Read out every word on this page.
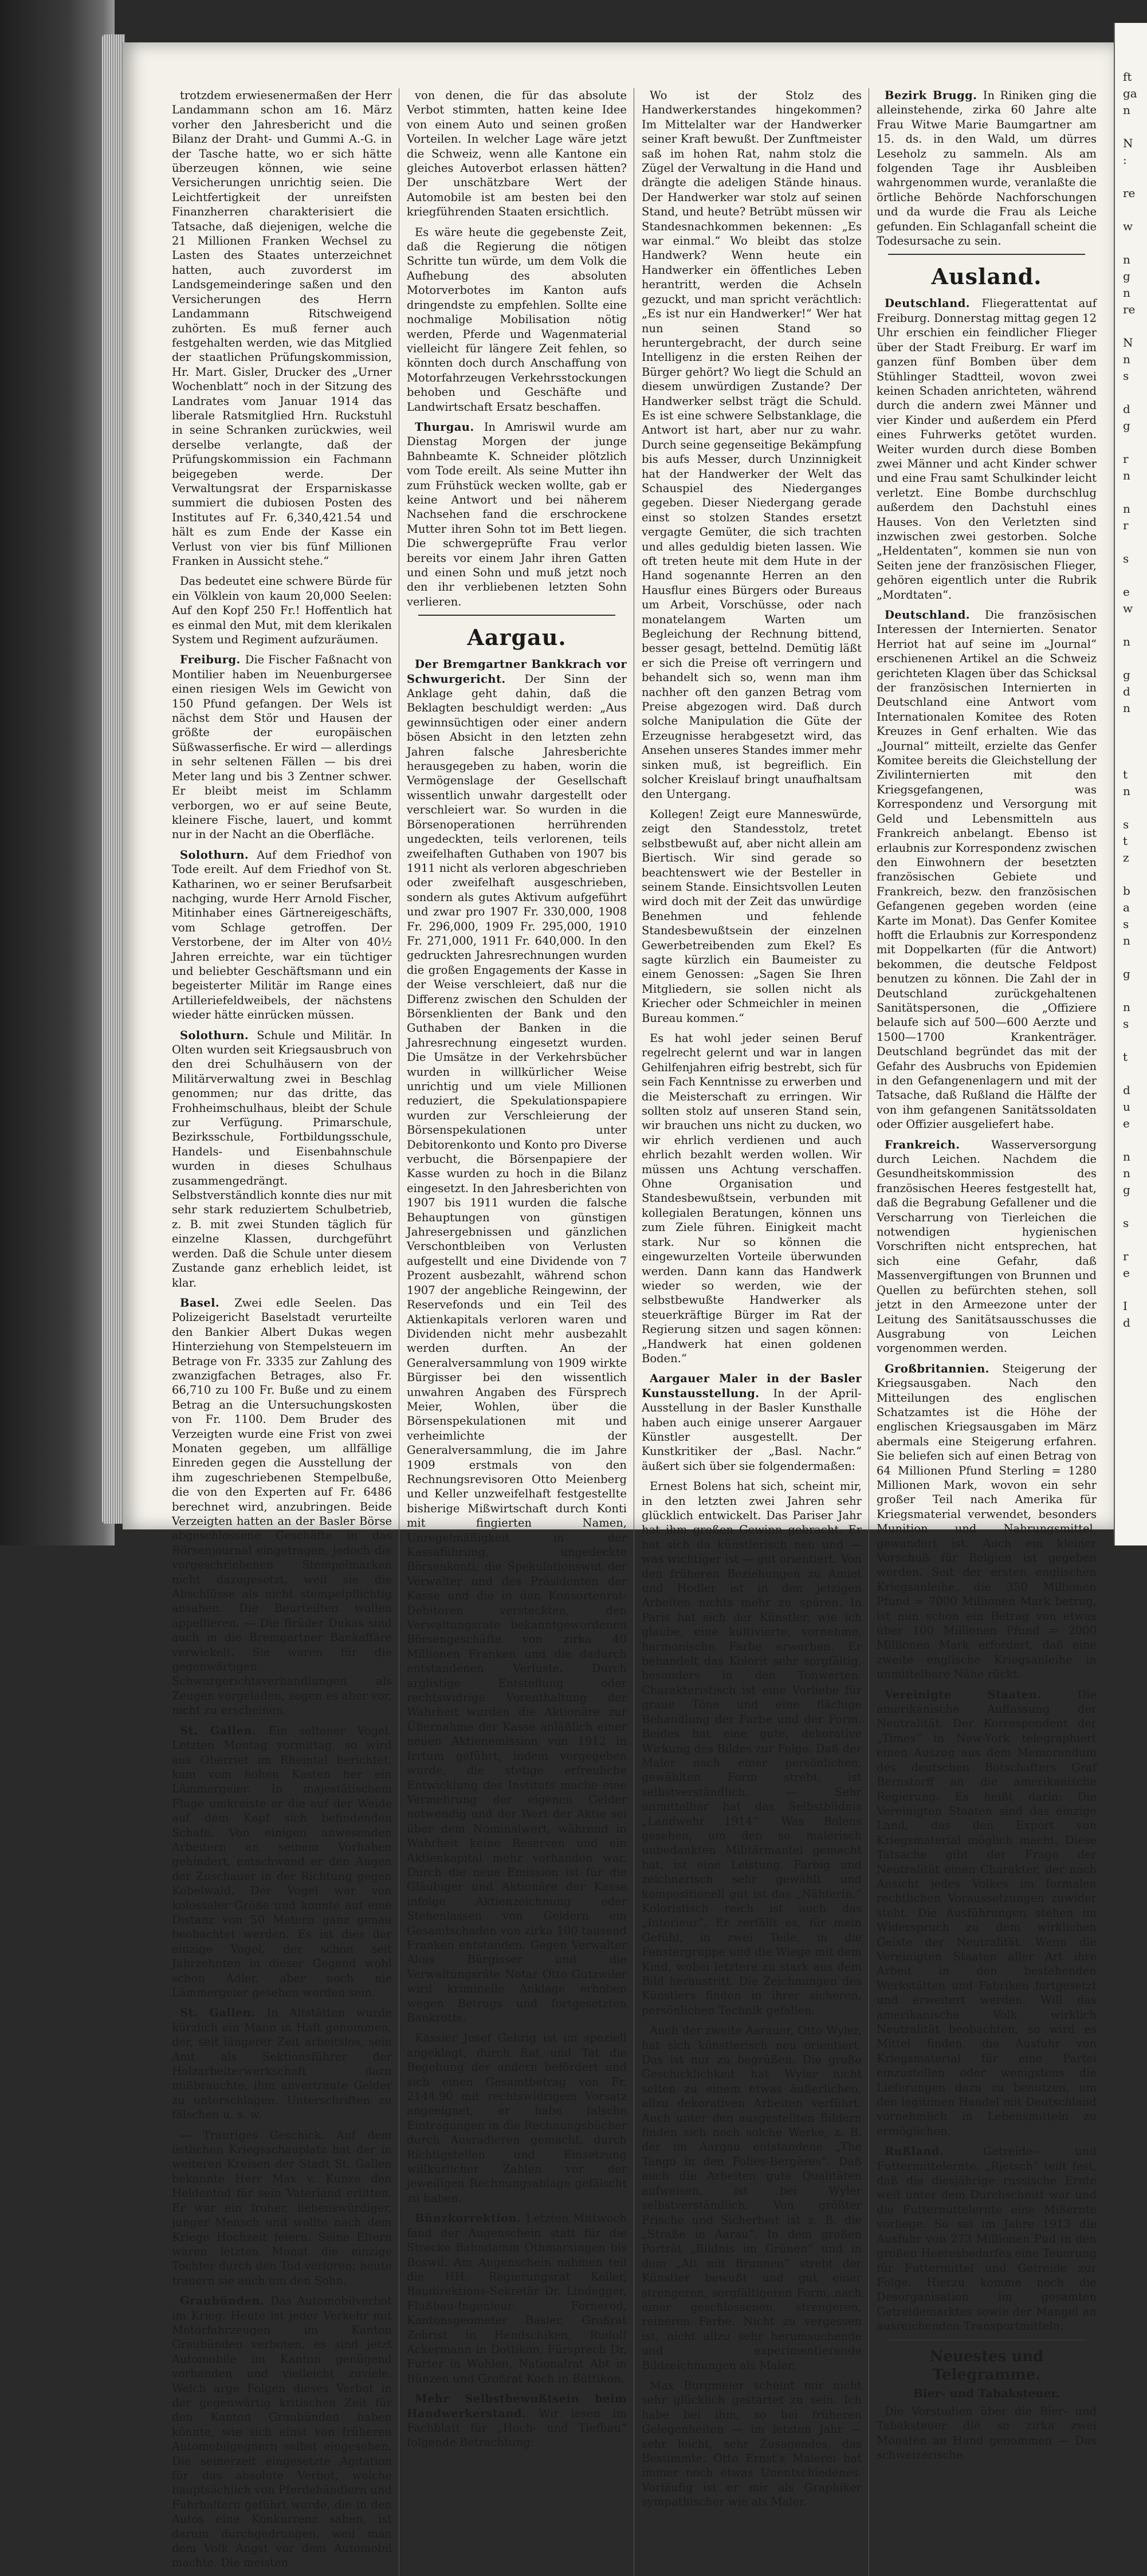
trotzdem erwiesenermaßen der Herr Landammann schon am 16. März vorher den Jahresbericht und die Bilanz der Draht- und Gummi A.-G. in der Tasche hatte, wo er sich hätte überzeugen können, wie seine Versicherungen unrichtig seien. Die Leichtfertigkeit der unreifsten Finanzherren charakterisiert die Tatsache, daß diejenigen, welche die 21 Millionen Franken Wechsel zu Lasten des Staates unterzeichnet hatten, auch zuvorderst im Landsgemeinderinge saßen und den Versicherungen des Herrn Landammann Ritschweigend zuhörten. Es muß ferner auch festgehalten werden, wie das Mitglied der staatlichen Prüfungskommission, Hr. Mart. Gisler, Drucker des „Urner Wochenblatt“ noch in der Sitzung des Landrates vom Januar 1914 das liberale Ratsmitglied Hrn. Ruckstuhl in seine Schranken zurückwies, weil derselbe verlangte, daß der Prüfungskommission ein Fachmann beigegeben werde. Der Verwaltungsrat der Ersparniskasse summiert die dubiosen Posten des Institutes auf Fr. 6,340,421.54 und hält es zum Ende der Kasse ein Verlust von vier bis fünf Millionen Franken in Aussicht stehe.“

Das bedeutet eine schwere Bürde für ein Völklein von kaum 20,000 Seelen: Auf den Kopf 250 Fr.! Hoffentlich hat es einmal den Mut, mit dem klerikalen System und Regiment aufzuräumen.

Freiburg. Die Fischer Faßnacht von Montilier haben im Neuenburgersee einen riesigen Wels im Gewicht von 150 Pfund gefangen. Der Wels ist nächst dem Stör und Hausen der größte der europäischen Süßwasserfische. Er wird — allerdings in sehr seltenen Fällen — bis drei Meter lang und bis 3 Zentner schwer. Er bleibt meist im Schlamm verborgen, wo er auf seine Beute, kleinere Fische, lauert, und kommt nur in der Nacht an die Oberfläche.

Solothurn. Auf dem Friedhof von Tode ereilt. Auf dem Friedhof von St. Katharinen, wo er seiner Berufsarbeit nachging, wurde Herr Arnold Fischer, Mitinhaber eines Gärtnereigeschäfts, vom Schlage getroffen. Der Verstorbene, der im Alter von 40½ Jahren erreichte, war ein tüchtiger und beliebter Geschäftsmann und ein begeisterter Militär im Range eines Artilleriefeldweibels, der nächstens wieder hätte einrücken müssen.

Solothurn. Schule und Militär. In Olten wurden seit Kriegsausbruch von den drei Schulhäusern von der Militärverwaltung zwei in Beschlag genommen; nur das dritte, das Frohheimschulhaus, bleibt der Schule zur Verfügung. Primarschule, Bezirksschule, Fortbildungsschule, Handels- und Eisenbahnschule wurden in dieses Schulhaus zusammengedrängt. Selbstverständlich konnte dies nur mit sehr stark reduziertem Schulbetrieb, z. B. mit zwei Stunden täglich für einzelne Klassen, durchgeführt werden. Daß die Schule unter diesem Zustande ganz erheblich leidet, ist klar.

Basel. Zwei edle Seelen. Das Polizeigericht Baselstadt verurteilte den Bankier Albert Dukas wegen Hinterziehung von Stempelsteuern im Betrage von Fr. 3335 zur Zahlung des zwanzigfachen Betrages, also Fr. 66,710 zu 100 Fr. Buße und zu einem Betrag an die Untersuchungskosten von Fr. 1100. Dem Bruder des Verzeigten wurde eine Frist von zwei Monaten gegeben, um allfällige Einreden gegen die Ausstellung der ihm zugeschriebenen Stempelbuße, die von den Experten auf Fr. 6486 berechnet wird, anzubringen. Beide Verzeigten hatten an der Basler Börse abgeschlossene Geschäfte in das Börsenjournal eingetragen, jedoch die vorgeschriebenen Stempelmarken nicht dazugesetzt, weil sie die Abschlüsse als nicht stempelpflichtig ansahen. Die Beurteilten wollen appellieren. — Die Brüder Dukas sind auch in die Bremgartner Bankaffäre verwickelt. Sie waren für die gegenwärtigen Schwurgerichtsverhandlungen als Zeugen vorgeladen, zogen es aber vor, nicht zu erscheinen.

St. Gallen. Ein seltener Vogel. Letzten Montag vormittag, so wird aus Oberriet im Rheintal berichtet, kam vom hohen Kasten her ein Lämmergeier. In majestätischem Fluge umkreiste er die auf der Weide auf dem Kapf sich befindenden Schafe. Von einigen anwesenden Arbeitern an seinem Vorhaben gehindert, entschwand er den Augen der Zuschauer in der Richtung gegen Kobelwald. Der Vogel war von kolossaler Größe und konnte auf eine Distanz von 50 Metern ganz genau beobachtet werden. Es ist dies der einzige Vogel, der schon seit Jahrzehnten in dieser Gegend wohl schon Adler, aber noch nie Lämmergeier gesehen worden sein.

St. Gallen. In Altstätten wurde kürzlich ein Mann in Haft genommen, der, seit längerer Zeit arbeitslos, sein Amt als Sektionsführer der Holzarbeiterwerkschaft dazu mißbrauchte, ihm anvertraute Gelder zu unterschlagen. Unterschriften zu fälschen u. s. w.

— Trauriges Geschick. Auf dem östlichen Kriegsschauplatz hat der in weiteren Kreisen der Stadt St. Gallen bekannte Herr Max v. Kunze den Heldentod für sein Vaterland erlitten. Er war ein froher, liebenswürdiger, junger Mensch und wollte nach dem Kriege Hochzeit feiern. Seine Eltern waren letzten Monat die einzige Tochter durch den Tod verloren; heute trauern sie auch um den Sohn.

Graubünden. Das Automobilverbot im Krieg. Heute ist jeder Verkehr mit Motorfahrzeugen im Kanton Graubünden verboten, es sind jetzt Automobile im Kanton genügend vorhanden und vielleicht zuviele. Welch arge Folgen dieses Verbot in der gegenwärtig kritischen Zeit für den Kanton Graubünden haben könnte, wie sich einst von früheren Automobilgegnern selbst eingesehen. Die seinerzeit eingesetzte Agitation für das absolute Verbot, welche hauptsächlich von Pferdehändlern und Fuhrhaltern geführt wurde, die in den Autos eine Konkurrenz sahen, ist darum durchgedrungen, weil man dem Volk Angst vor dem Automobil machte. Die meisten

von denen, die für das absolute Verbot stimmten, hatten keine Idee von einem Auto und seinen großen Vorteilen. In welcher Lage wäre jetzt die Schweiz, wenn alle Kantone ein gleiches Autoverbot erlassen hätten? Der unschätzbare Wert der Automobile ist am besten bei den kriegführenden Staaten ersichtlich.

Es wäre heute die gegebenste Zeit, daß die Regierung die nötigen Schritte tun würde, um dem Volk die Aufhebung des absoluten Motorverbotes im Kanton aufs dringendste zu empfehlen. Sollte eine nochmalige Mobilisation nötig werden, Pferde und Wagenmaterial vielleicht für längere Zeit fehlen, so könnten doch durch Anschaffung von Motorfahrzeugen Verkehrsstockungen behoben und Geschäfte und Landwirtschaft Ersatz beschaffen.

Thurgau. In Amriswil wurde am Dienstag Morgen der junge Bahnbeamte K. Schneider plötzlich vom Tode ereilt. Als seine Mutter ihn zum Frühstück wecken wollte, gab er keine Antwort und bei näherem Nachsehen fand die erschrockene Mutter ihren Sohn tot im Bett liegen. Die schwergeprüfte Frau verlor bereits vor einem Jahr ihren Gatten und einen Sohn und muß jetzt noch den ihr verbliebenen letzten Sohn verlieren.

Aargau.

Der Bremgartner Bankkrach vor Schwurgericht. Der Sinn der Anklage geht dahin, daß die Beklagten beschuldigt werden: „Aus gewinnsüchtigen oder einer andern bösen Absicht in den letzten zehn Jahren falsche Jahresberichte herausgegeben zu haben, worin die Vermögenslage der Gesellschaft wissentlich unwahr dargestellt oder verschleiert war. So wurden in die Börsenoperationen herrührenden ungedeckten, teils verlorenen, teils zweifelhaften Guthaben von 1907 bis 1911 nicht als verloren abgeschrieben oder zweifelhaft ausgeschrieben, sondern als gutes Aktivum aufgeführt und zwar pro 1907 Fr. 330,000, 1908 Fr. 296,000, 1909 Fr. 295,000, 1910 Fr. 271,000, 1911 Fr. 640,000. In den gedruckten Jahresrechnungen wurden die großen Engagements der Kasse in der Weise verschleiert, daß nur die Differenz zwischen den Schulden der Börsenklienten der Bank und den Guthaben der Banken in die Jahresrechnung eingesetzt wurden. Die Umsätze in der Verkehrsbücher wurden in willkürlicher Weise unrichtig und um viele Millionen reduziert, die Spekulationspapiere wurden zur Verschleierung der Börsenspekulationen unter Debitorenkonto und Konto pro Diverse verbucht, die Börsenpapiere der Kasse wurden zu hoch in die Bilanz eingesetzt. In den Jahresberichten von 1907 bis 1911 wurden die falsche Behauptungen von günstigen Jahresergebnissen und gänzlichen Verschontbleiben von Verlusten aufgestellt und eine Dividende von 7 Prozent ausbezahlt, während schon 1907 der angebliche Reingewinn, der Reservefonds und ein Teil des Aktienkapitals verloren waren und Dividenden nicht mehr ausbezahlt werden durften. An der Generalversammlung von 1909 wirkte Bürgisser bei den wissentlich unwahren Angaben des Fürsprech Meier, Wohlen, über die Börsenspekulationen mit und verheimlichte der Generalversammlung, die im Jahre 1909 erstmals von den Rechnungsrevisoren Otto Meienberg und Keller unzweifelhaft festgestellte bisherige Mißwirtschaft durch Konti mit fingierten Namen, Unregelmäßigkeit in der Kassaführung, ungedeckte Börsenkonti, die Spekulationswut der Verwalter und des Präsidenten der Kasse und die in den Konsortenrat-Debitoren versteckten, den Verwaltungsrate bekanntgewordenen Börsengeschäfte von zirka 40 Millionen Franken und die dadurch entstandenen Verluste. Durch arglistige Entstellung oder rechtswidrige Vorenthaltung der Wahrheit wurden die Aktionäre zur Übernahme der Kasse anläßlich einer neuen Aktienemission von 1912 in Irrtum geführt, indem vorgegeben wurde, die stetige erfreuliche Entwicklung des Instituts mache eine Vermehrung der eigenen Gelder notwendig und der Wert der Aktie sei über dem Nominalwert, während in Wahrheit keine Reserven und ein Aktienkapital mehr vorhanden war. Durch die neue Emission ist für die Gläubiger und Aktionäre der Kasse infolge Aktienzeichnung oder Stehenlassen von Geldern ein Gesamtschaden von zirka 100 tausend Franken entstanden. Gegen Verwalter Alois Bürgisser und die Verwaltungsräte Notar Otto Gutzwiler wird kriminelle Anklage erhoben wegen Betrugs und fortgesetzten Bankrotts.

Kassier Josef Gehrig ist im speziell angeklagt, durch Rat und Tat die Begehung der andern befördert und sich einen Gesamtbetrag von Fr. 2144.90 mit rechtswidrigem Vorsatz angeeignet, er habe falsche Eintragungen in die Rechnungsbücher durch Ausradieren gemacht, durch Richtigstellen und Einsetzung willkürlicher Zahlen vor der jeweiligen Rechnungsablage gefälscht zu haben.

Bünzkorrektion. Letzten Mittwoch fand der Augenschein statt für die Strecke Bahndamm Othmarsingen bis Boswil. Am Augenschein nahmen teil die HH. Regierungsrat Keller, Baudirektions-Sekretär Dr. Lindegger, Flußbau-Ingenieur Fornerod, Kantonsgeometer Basler, Großrat Zobrist in Hendschiken, Rudolf Ackermann in Dottikon, Fürsprech Dr. Furter in Wohlen, Nationalrat Abt in Bünzen und Großrat Koch in Büttikon.

Mehr Selbstbewußtsein beim Handwerkerstand. Wir lesen im Fachblatt für „Hoch- und Tiefbau“ folgende Betrachtung:

Wo ist der Stolz des Handwerkerstandes hingekommen? Im Mittelalter war der Handwerker seiner Kraft bewußt. Der Zunftmeister saß im hohen Rat, nahm stolz die Zügel der Verwaltung in die Hand und drängte die adeligen Stände hinaus. Der Handwerker war stolz auf seinen Stand, und heute? Betrübt müssen wir Standesnachkommen bekennen: „Es war einmal.“ Wo bleibt das stolze Handwerk? Wenn heute ein Handwerker ein öffentliches Leben herantritt, werden die Achseln gezuckt, und man spricht verächtlich: „Es ist nur ein Handwerker!“ Wer hat nun seinen Stand so heruntergebracht, der durch seine Intelligenz in die ersten Reihen der Bürger gehört? Wo liegt die Schuld an diesem unwürdigen Zustande? Der Handwerker selbst trägt die Schuld. Es ist eine schwere Selbstanklage, die Antwort ist hart, aber nur zu wahr. Durch seine gegenseitige Bekämpfung bis aufs Messer, durch Unzinnigkeit hat der Handwerker der Welt das Schauspiel des Niederganges gegeben. Dieser Niedergang gerade einst so stolzen Standes ersetzt vergagte Gemüter, die sich trachten und alles geduldig bieten lassen. Wie oft treten heute mit dem Hute in der Hand sogenannte Herren an den Hausflur eines Bürgers oder Bureaus um Arbeit, Vorschüsse, oder nach monatelangem Warten um Begleichung der Rechnung bittend, besser gesagt, bettelnd. Demütig läßt er sich die Preise oft verringern und behandelt sich so, wenn man ihm nachher oft den ganzen Betrag vom Preise abgezogen wird. Daß durch solche Manipulation die Güte der Erzeugnisse herabgesetzt wird, das Ansehen unseres Standes immer mehr sinken muß, ist begreiflich. Ein solcher Kreislauf bringt unaufhaltsam den Untergang.

Kollegen! Zeigt eure Manneswürde, zeigt den Standesstolz, tretet selbstbewußt auf, aber nicht allein am Biertisch. Wir sind gerade so beachtenswert wie der Besteller in seinem Stande. Einsichtsvollen Leuten wird doch mit der Zeit das unwürdige Benehmen und fehlende Standesbewußtsein der einzelnen Gewerbetreibenden zum Ekel? Es sagte kürzlich ein Baumeister zu einem Genossen: „Sagen Sie Ihren Mitgliedern, sie sollen nicht als Kriecher oder Schmeichler in meinen Bureau kommen.“

Es hat wohl jeder seinen Beruf regelrecht gelernt und war in langen Gehilfenjahren eifrig bestrebt, sich für sein Fach Kenntnisse zu erwerben und die Meisterschaft zu erringen. Wir sollten stolz auf unseren Stand sein, wir brauchen uns nicht zu ducken, wo wir ehrlich verdienen und auch ehrlich bezahlt werden wollen. Wir müssen uns Achtung verschaffen. Ohne Organisation und Standesbewußtsein, verbunden mit kollegialen Beratungen, können uns zum Ziele führen. Einigkeit macht stark. Nur so können die eingewurzelten Vorteile überwunden werden. Dann kann das Handwerk wieder so werden, wie der selbstbewußte Handwerker als steuerkräftige Bürger im Rat der Regierung sitzen und sagen können: „Handwerk hat einen goldenen Boden.“

Aargauer Maler in der Basler Kunstausstellung. In der April-Ausstellung in der Basler Kunsthalle haben auch einige unserer Aargauer Künstler ausgestellt. Der Kunstkritiker der „Basl. Nachr.“ äußert sich über sie folgendermaßen:

Ernest Bolens hat sich, scheint mir, in den letzten zwei Jahren sehr glücklich entwickelt. Das Pariser Jahr hat ihm großen Gewinn gebracht. Er hat sich da künstlerisch neu und — was wichtiger ist — gut orientiert. Von den früheren Beziehungen zu Amiet und Hodler ist in den jetzigen Arbeiten nichts mehr zu spüren. In Paris hat sich der Künstler, wie ich glaube, eine kultivierte, vornehme, harmonische Farbe erworben. Er behandelt das Kolorit sehr sorgfältig, besonders in den Tonwerten. Charakteristisch ist eine Vorliebe für graue Töne und eine flächige Behandlung der Farbe und der Form. Beides hat eine gute, dekorative Wirkung des Bildes zur Folge. Daß der Maler nach einer persönlichen, gewählten Form strebt, ist selbstverständlich. — Sehr unmittelbar hat das Selbstbildnis „Landwehr 1914“. Was Bolens gesehen, um den so malerisch unbedankten Militärmantel gemacht hat, ist eine Leistung. Farbig und zeichnerisch sehr gewählt und kompositionell gut ist das „Nähterin.“ Koloristisch reich ist auch das „Interieur“. Er zerfällt es, für mein Gefühl, in zwei Teile, in die Fenstergruppe und die Wiege mit dem Kind, wobei letztere zu stark aus dem Bild heraustritt. Die Zeichnungen des Künstlers finden in ihrer sicheren, persönlichen Technik gefallen.

Auch der zweite Aarauer, Otto Wyler, hat sich künstlerisch neu orientiert. Das ist nur zu begrüßen. Die große Geschicklichkeit hat Wyler nicht selten zu einem etwas äußerlichen, allzu dekorativen Arbeiten verführt. Auch unter den ausgestellten Bildern finden sich noch solche Werke, z. B. der im Aargau entstandene „The Tango in den Folies-Bergères“. Daß auch die Arbeiten gute Qualitäten aufweisen, ist bei Wyler selbstverständlich. Von größter Frische und Sicherheit ist z. B. die „Straße in Aarau“. In dem großen Porträt „Bildnis im Grünen“ und in dem „Alt mit Brunnen“ strebt der Künstler bewußt und gut einer strengeren, sorgfältigeren Form, nach einer geschlossenen, strengeren, reineren Farbe. Nicht zu vergessen ist, nicht allzu sehr herumsuchende und experimentierende Bildzeichnungen als Maler.

Max Burgmeier scheint mir nicht sehr glücklich gestartet zu sein. Ich habe bei ihm, so bei früheren Gelegenheiten — im letzten Jahr — sehr leicht, sehr Zusagendes, das Bestimmte. Otto Ernst's Malerei hat immer noch etwas Unentschiedenes. Vorläufig ist er mir als Graphiker sympathischer wie als Maler.

Bezirk Brugg. In Riniken ging die alleinstehende, zirka 60 Jahre alte Frau Witwe Marie Baumgartner am 15. ds. in den Wald, um dürres Leseholz zu sammeln. Als am folgenden Tage ihr Ausbleiben wahrgenommen wurde, veranlaßte die örtliche Behörde Nachforschungen und da wurde die Frau als Leiche gefunden. Ein Schlaganfall scheint die Todesursache zu sein.

Ausland.

Deutschland. Fliegerattentat auf Freiburg. Donnerstag mittag gegen 12 Uhr erschien ein feindlicher Flieger über der Stadt Freiburg. Er warf im ganzen fünf Bomben über dem Stühlinger Stadtteil, wovon zwei keinen Schaden anrichteten, während durch die andern zwei Männer und vier Kinder und außerdem ein Pferd eines Fuhrwerks getötet wurden. Weiter wurden durch diese Bomben zwei Männer und acht Kinder schwer und eine Frau samt Schulkinder leicht verletzt. Eine Bombe durchschlug außerdem den Dachstuhl eines Hauses. Von den Verletzten sind inzwischen zwei gestorben. Solche „Heldentaten“, kommen sie nun von Seiten jene der französischen Flieger, gehören eigentlich unter die Rubrik „Mordtaten“.

Deutschland. Die französischen Interessen der Internierten. Senator Herriot hat auf seine im „Journal“ erschienenen Artikel an die Schweiz gerichteten Klagen über das Schicksal der französischen Internierten in Deutschland eine Antwort vom Internationalen Komitee des Roten Kreuzes in Genf erhalten. Wie das „Journal“ mitteilt, erzielte das Genfer Komitee bereits die Gleichstellung der Zivilinternierten mit den Kriegsgefangenen, was Korrespondenz und Versorgung mit Geld und Lebensmitteln aus Frankreich anbelangt. Ebenso ist erlaubnis zur Korrespondenz zwischen den Einwohnern der besetzten französischen Gebiete und Frankreich, bezw. den französischen Gefangenen gegeben worden (eine Karte im Monat). Das Genfer Komitee hofft die Erlaubnis zur Korrespondenz mit Doppelkarten (für die Antwort) bekommen, die deutsche Feldpost benutzen zu können. Die Zahl der in Deutschland zurückgehaltenen Sanitätspersonen, die „Offiziere belaufe sich auf 500—600 Aerzte und 1500—1700 Krankenträger. Deutschland begründet das mit der Gefahr des Ausbruchs von Epidemien in den Gefangenenlagern und mit der Tatsache, daß Rußland die Hälfte der von ihm gefangenen Sanitätssoldaten oder Offizier ausgeliefert habe.

Frankreich. Wasserversorgung durch Leichen. Nachdem die Gesundheitskommission des französischen Heeres festgestellt hat, daß die Begrabung Gefallener und die Verscharrung von Tierleichen die notwendigen hygienischen Vorschriften nicht entsprechen, hat sich eine Gefahr, daß Massenvergiftungen von Brunnen und Quellen zu befürchten stehen, soll jetzt in den Armeezone unter der Leitung des Sanitätsausschusses die Ausgrabung von Leichen vorgenommen werden.

Großbritannien. Steigerung der Kriegsausgaben. Nach den Mitteilungen des englischen Schatzamtes ist die Höhe der englischen Kriegsausgaben im März abermals eine Steigerung erfahren. Sie beliefen sich auf einen Betrag von 64 Millionen Pfund Sterling = 1280 Millionen Mark, wovon ein sehr großer Teil nach Amerika für Kriegsmaterial verwendet, besonders Munition und Nahrungsmittel, gewandert ist. Auch ein kleiner Vorschuß für Belgien ist gegeben worden. Seit der ersten englischen Kriegsanleihe, die 350 Millionen Pfund = 7000 Millionen Mark betrug, ist nun schon ein Betrag von etwas über 100 Millionen Pfund = 2000 Millionen Mark erfordert, daß eine zweite englische Kriegsanleihe in unmittelbare Nähe rückt.

Vereinigte Staaten. Die amerikanische Auffassung der Neutralität. Der Korrespondent der „Times“ in New-York telegraphiert einen Auszug aus dem Memorandum des deutschen Botschafters Graf Bernstorff an die amerikanische Regierung. Es heißt darin: Die Vereinigten Staaten sind das einzige Land, das den Export von Kriegsmaterial möglich macht. Diese Tatsache gibt der Frage der Neutralität einen Charakter, der nach Ansicht jedes Volkes im formalen rechtlichen Voraussetzungen zuwider steht. Die Ausführungen stehen im Widerspruch zu dem wirklichen Geiste der Neutralität. Wenn die Vereinigten Staaten aller Art ihre Arbeit in den bestehenden Werkstätten und Fabriken fortgesetzt und erweitert werden. Will das amerikanische Volk wirklich Neutralität beobachten, so wird es Mittel finden, die Ausfuhr von Kriegsmaterial für eine Partei einzustellen oder wenigstens die Lieferungen dazu zu benutzen, um den legitimen Handel mit Deutschland vornehmlich in Lebensmitteln zu ermöglichen.

Rußland. Getreide- und Futtermittelernte. „Rjetsch“ teilt fest, daß die diesjährige russische Ernte weit unter dem Durchschnitt war und die Futtermittelernte eine Mißernte vorliege. So sei im Jahre 1913 die Ausfuhr von 273 Millionen Pud in den großen Heeresbedarfes eine Teuerung für Futtermittel und Getreide zur Folge. Hierzu komme noch die Desorganisation im gesamten Getreidemarktes sowie der Mangel an ausreichenden Transportmitteln.

Neuestes und Telegramme.
Bier- und Tabaksteuer.

Die Vorstudien über die Bier- und Tabaksteuer die so zirka zwei Monaten an Hand genommen — Das schweizerische

ft
ga
n

N
:

re

w

n
g
n
re

N
n
s

d
g

r
n

n
r

s

e
w

n

g
d
n

t
n

s
t
z

b
a
s
n

g

n
s

t

d
u
e

n
n
g

s

r
e

I
d
